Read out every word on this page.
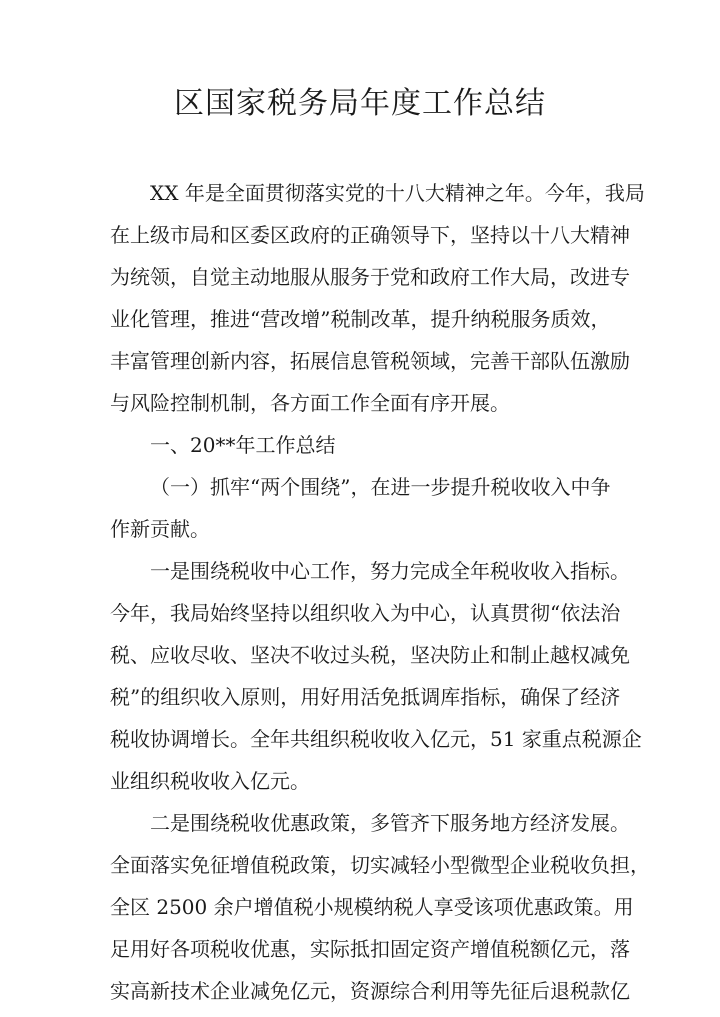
区国家税务局年度工作总结
XX 年是全面贯彻落实党的十八大精神之年。今年，我局
在上级市局和区委区政府的正确领导下，坚持以十八大精神
为统领，自觉主动地服从服务于党和政府工作大局，改进专
业化管理，推进“营改增”税制改革，提升纳税服务质效，
丰富管理创新内容，拓展信息管税领域，完善干部队伍激励
与风险控制机制，各方面工作全面有序开展。
一、20**年工作总结
（一）抓牢“两个围绕”，在进一步提升税收收入中争
作新贡献。
一是围绕税收中心工作，努力完成全年税收收入指标。
今年，我局始终坚持以组织收入为中心，认真贯彻“依法治
税、应收尽收、坚决不收过头税，坚决防止和制止越权减免
税”的组织收入原则，用好用活免抵调库指标，确保了经济
税收协调增长。全年共组织税收收入亿元，51 家重点税源企
业组织税收收入亿元。
二是围绕税收优惠政策，多管齐下服务地方经济发展。
全面落实免征增值税政策，切实减轻小型微型企业税收负担，
全区 2500 余户增值税小规模纳税人享受该项优惠政策。用
足用好各项税收优惠，实际抵扣固定资产增值税额亿元，落
实高新技术企业减免亿元，资源综合利用等先征后退税款亿
